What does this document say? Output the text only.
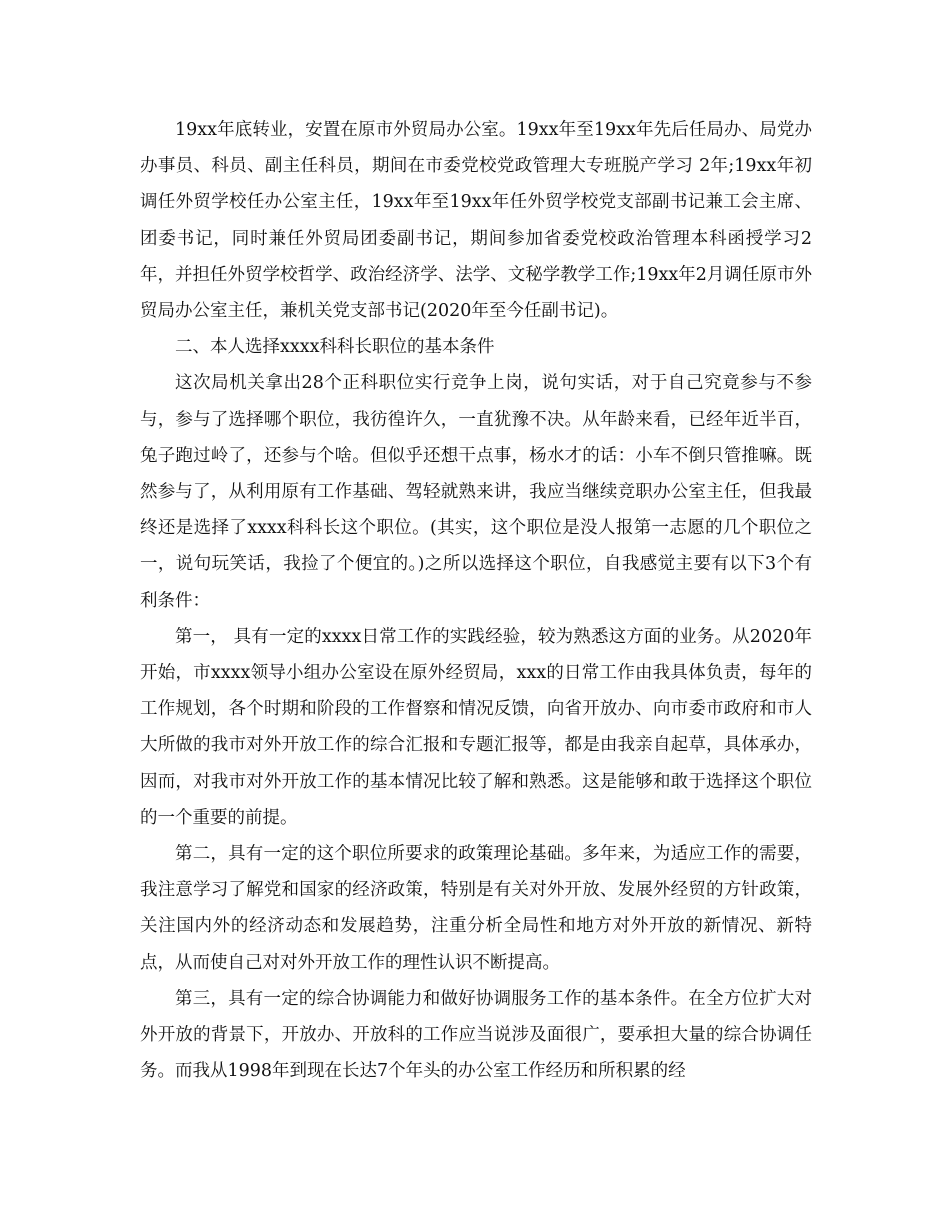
19xx年底转业，安置在原市外贸局办公室。19xx年至19xx年先后任局办、局党办办事员、科员、副主任科员，期间在市委党校党政管理大专班脱产学习 2年;19xx年初调任外贸学校任办公室主任，19xx年至19xx年任外贸学校党支部副书记兼工会主席、团委书记，同时兼任外贸局团委副书记，期间参加省委党校政治管理本科函授学习2年，并担任外贸学校哲学、政治经济学、法学、文秘学教学工作;19xx年2月调任原市外贸局办公室主任，兼机关党支部书记(2020年至今任副书记)。

二、本人选择xxxx科科长职位的基本条件

这次局机关拿出28个正科职位实行竞争上岗，说句实话，对于自己究竟参与不参与，参与了选择哪个职位，我彷徨许久，一直犹豫不决。从年龄来看，已经年近半百，兔子跑过岭了，还参与个啥。但似乎还想干点事，杨水才的话：小车不倒只管推嘛。既然参与了，从利用原有工作基础、驾轻就熟来讲，我应当继续竞职办公室主任，但我最终还是选择了xxxx科科长这个职位。(其实，这个职位是没人报第一志愿的几个职位之一，说句玩笑话，我捡了个便宜的。)之所以选择这个职位，自我感觉主要有以下3个有利条件：

第一， 具有一定的xxxx日常工作的实践经验，较为熟悉这方面的业务。从2020年开始，市xxxx领导小组办公室设在原外经贸局，xxx的日常工作由我具体负责，每年的工作规划，各个时期和阶段的工作督察和情况反馈，向省开放办、向市委市政府和市人大所做的我市对外开放工作的综合汇报和专题汇报等，都是由我亲自起草，具体承办，因而，对我市对外开放工作的基本情况比较了解和熟悉。这是能够和敢于选择这个职位的一个重要的前提。

第二，具有一定的这个职位所要求的政策理论基础。多年来，为适应工作的需要，我注意学习了解党和国家的经济政策，特别是有关对外开放、发展外经贸的方针政策，关注国内外的经济动态和发展趋势，注重分析全局性和地方对外开放的新情况、新特点，从而使自己对对外开放工作的理性认识不断提高。

第三，具有一定的综合协调能力和做好协调服务工作的基本条件。在全方位扩大对外开放的背景下，开放办、开放科的工作应当说涉及面很广，要承担大量的综合协调任务。而我从1998年到现在长达7个年头的办公室工作经历和所积累的经
